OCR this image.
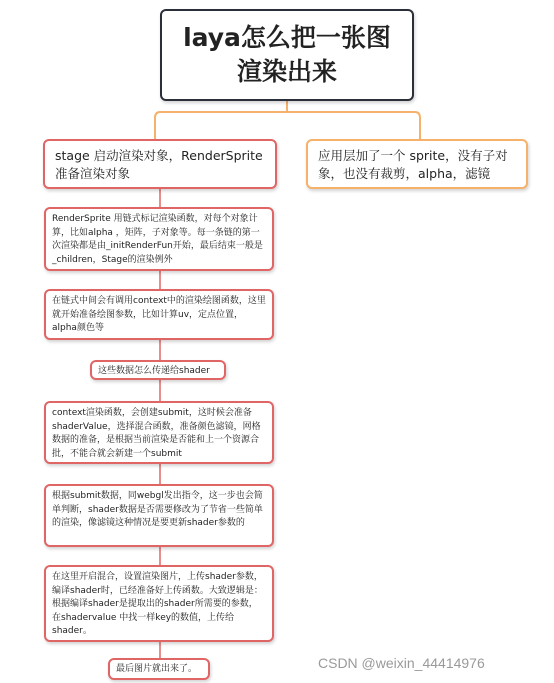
laya怎么把一张图渲染出来
stage 启动渲染对象，RenderSprite准备渲染对象
应用层加了一个 sprite，没有子对象，也没有裁剪，alpha，滤镜
RenderSprite 用链式标记渲染函数，对每个对象计算，比如alpha ，矩阵，子对象等。每一条链的第一次渲染都是由_initRenderFun开始，最后结束一般是_children，Stage的渲染例外
在链式中间会有调用context中的渲染绘图函数，这里就开始准备绘图参数，比如计算uv，定点位置，alpha颜色等
这些数据怎么传递给shader
context渲染函数，会创建submit，这时候会准备shaderValue，选择混合函数，准备颜色滤镜，网格数据的准备，是根据当前渲染是否能和上一个资源合批，不能合就会新建一个submit
根据submit数据，同webgl发出指令，这一步也会简单判断，shader数据是否需要修改为了节省一些简单的渲染，像滤镜这种情况是要更新shader参数的
在这里开启混合，设置渲染图片，上传shader参数，编译shader时，已经准备好上传函数。大致逻辑是：根据编译shader是提取出的shader所需要的参数，在shadervalue 中找一样key的数值，上传给shader。
最后图片就出来了。	CSDN @weixin_44414976
